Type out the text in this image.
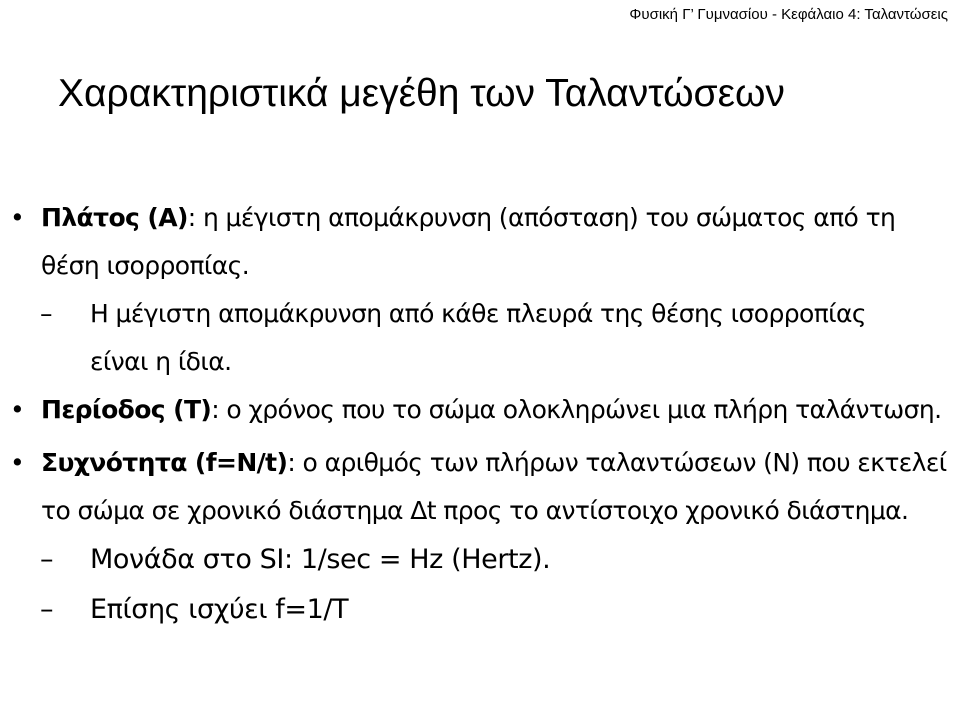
Φυσική Γ’ Γυμνασίου - Κεφάλαιο 4: Ταλαντώσεις
Χαρακτηριστικά μεγέθη των Ταλαντώσεων

• Πλάτος (Α): η μέγιστη απομάκρυνση (απόσταση) του σώματος από τη θέση ισορροπίας.

– Η μέγιστη απομάκρυνση από κάθε πλευρά της θέσης ισορροπίας είναι η ίδια.

• Περίοδος (Τ): ο χρόνος που το σώμα ολοκληρώνει μια πλήρη ταλάντωση.

• Συχνότητα (f=N/t): ο αριθμός των πλήρων ταλαντώσεων (Ν) που εκτελεί το σώμα σε χρονικό διάστημα Δt προς το αντίστοιχο χρονικό διάστημα.

– Μονάδα στο SI: 1/sec = Hz (Hertz).

– Επίσης ισχύει f=1/T
